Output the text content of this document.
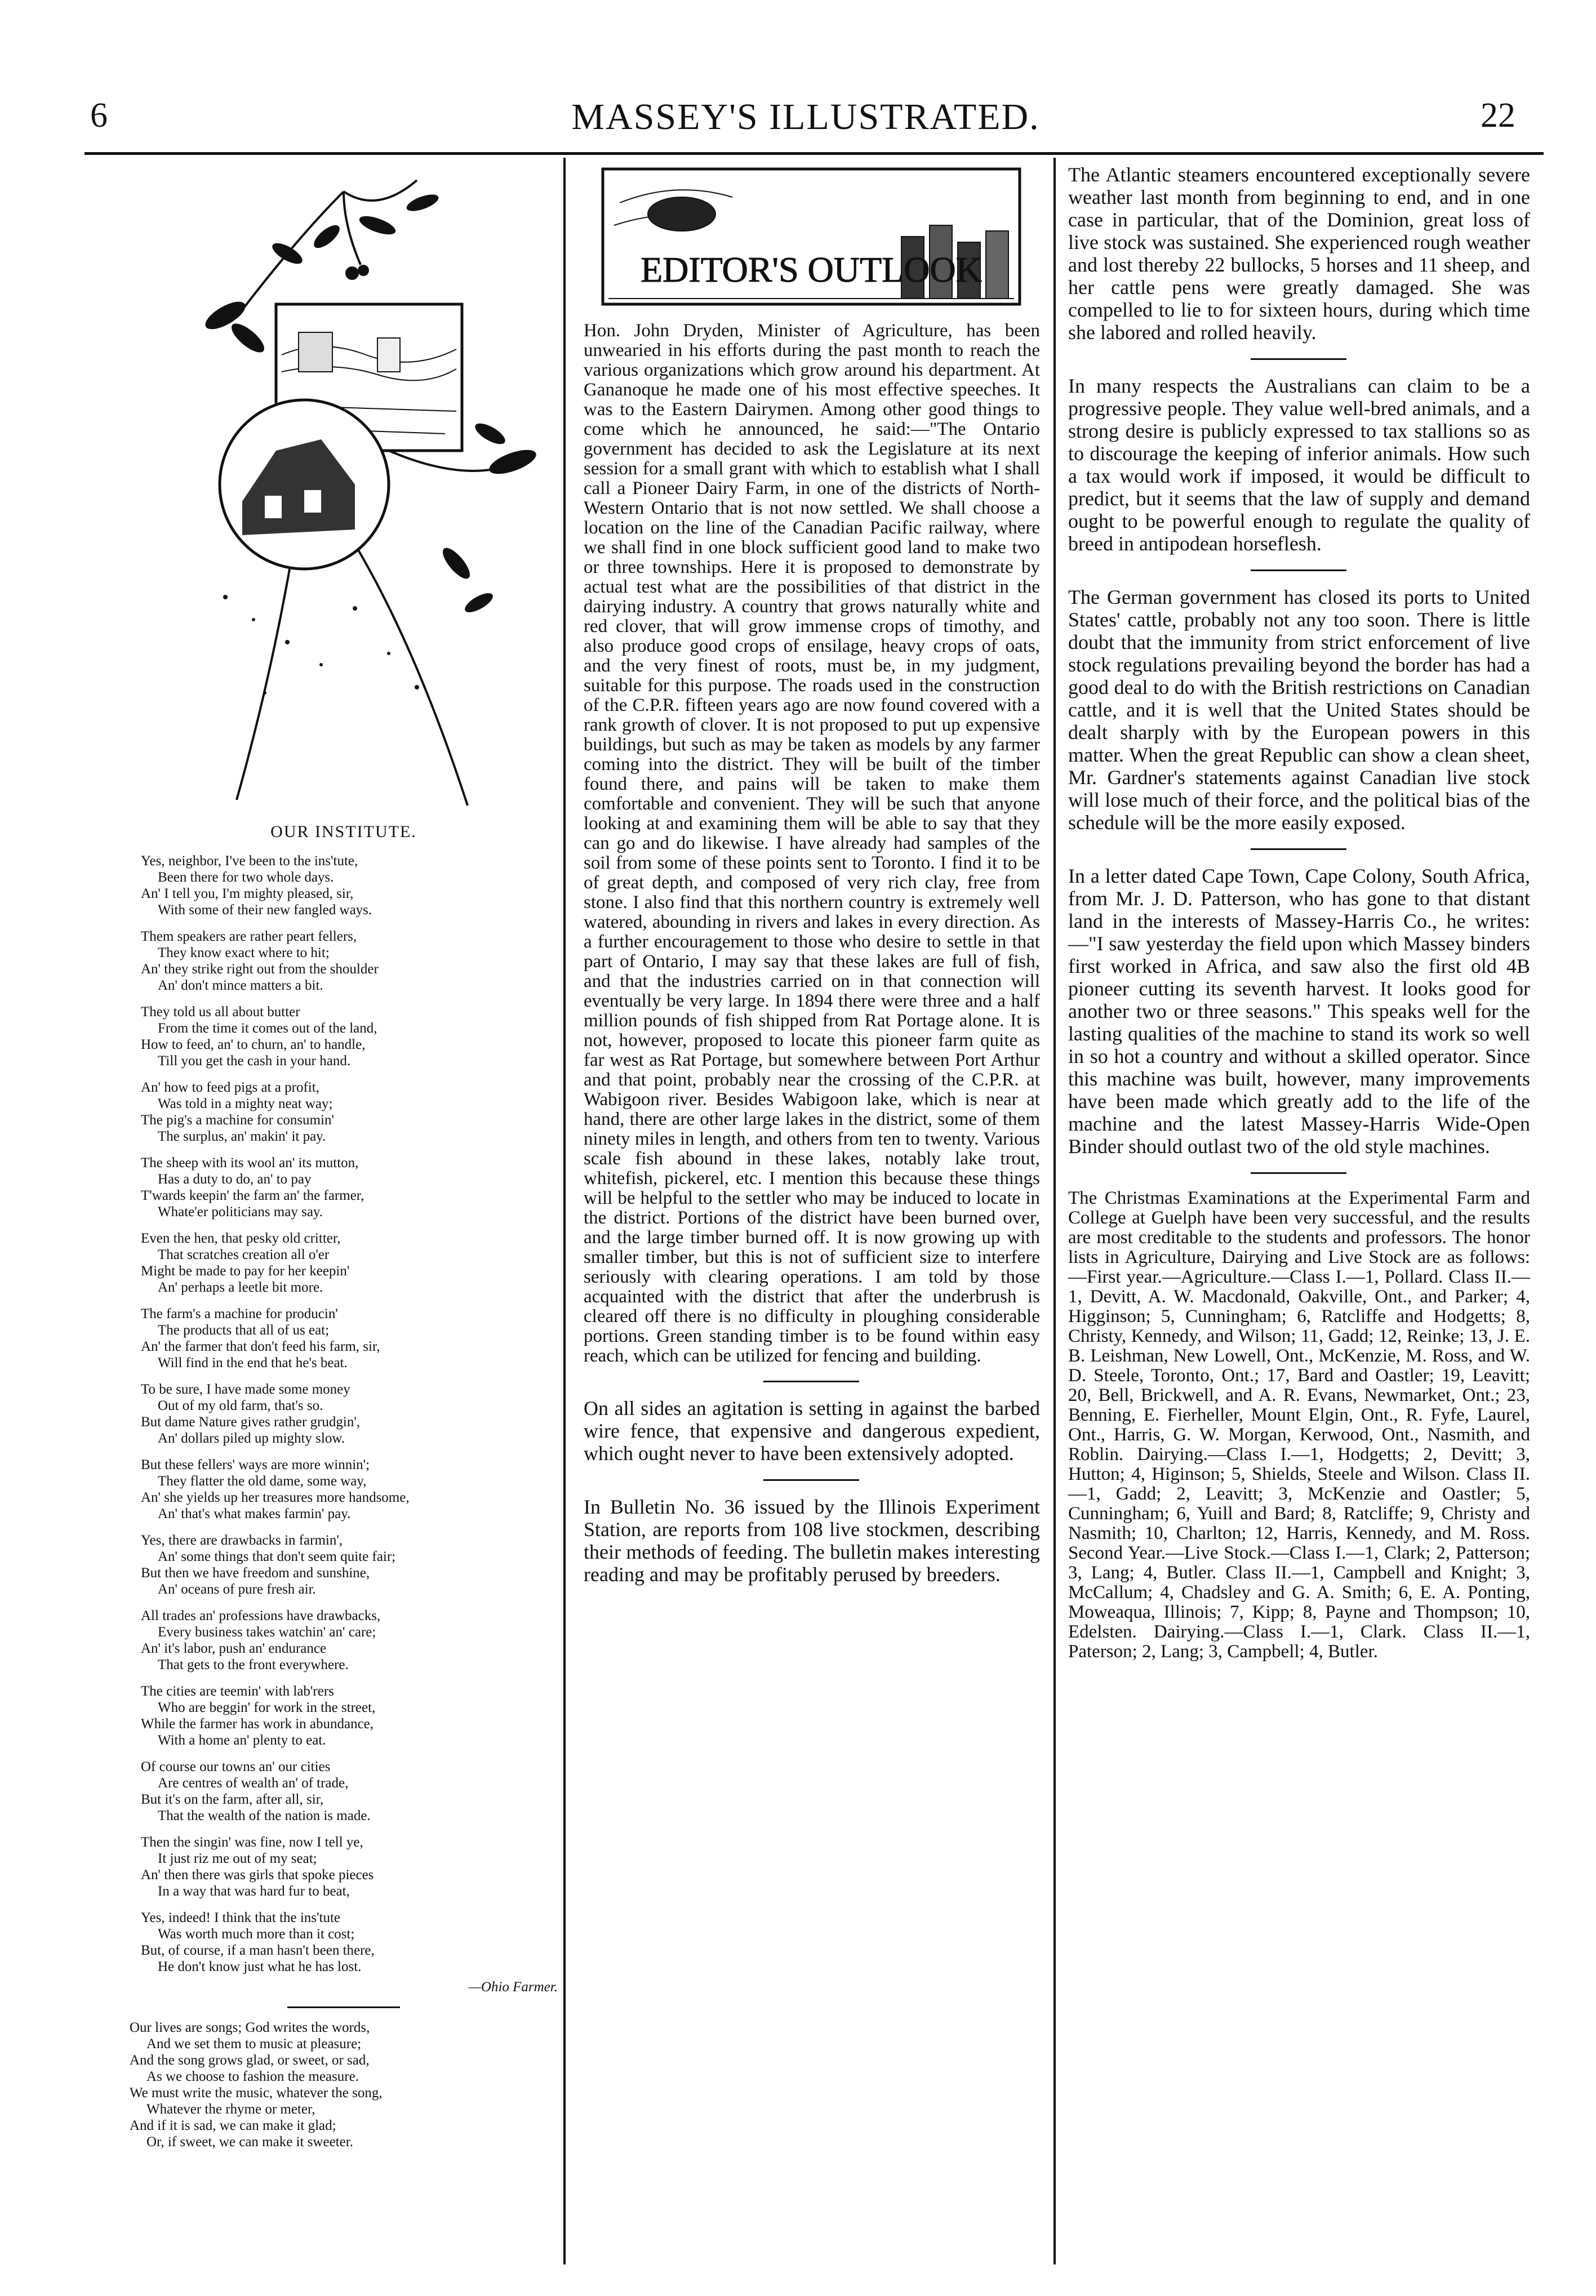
6	MASSEY'S ILLUSTRATED.	22
OUR INSTITUTE.
Yes, neighbor, I've been to the ins'tute,
Been there for two whole days.
An' I tell you, I'm mighty pleased, sir,
With some of their new fangled ways.
Them speakers are rather peart fellers,
They know exact where to hit;
An' they strike right out from the shoulder
An' don't mince matters a bit.
They told us all about butter
From the time it comes out of the land,
How to feed, an' to churn, an' to handle,
Till you get the cash in your hand.
An' how to feed pigs at a profit,
Was told in a mighty neat way;
The pig's a machine for consumin'
The surplus, an' makin' it pay.
The sheep with its wool an' its mutton,
Has a duty to do, an' to pay
T'wards keepin' the farm an' the farmer,
Whate'er politicians may say.
Even the hen, that pesky old critter,
That scratches creation all o'er
Might be made to pay for her keepin'
An' perhaps a leetle bit more.
The farm's a machine for producin'
The products that all of us eat;
An' the farmer that don't feed his farm, sir,
Will find in the end that he's beat.
To be sure, I have made some money
Out of my old farm, that's so.
But dame Nature gives rather grudgin',
An' dollars piled up mighty slow.
But these fellers' ways are more winnin';
They flatter the old dame, some way,
An' she yields up her treasures more handsome,
An' that's what makes farmin' pay.
Yes, there are drawbacks in farmin',
An' some things that don't seem quite fair;
But then we have freedom and sunshine,
An' oceans of pure fresh air.
All trades an' professions have drawbacks,
Every business takes watchin' an' care;
An' it's labor, push an' endurance
That gets to the front everywhere.
The cities are teemin' with lab'rers
Who are beggin' for work in the street,
While the farmer has work in abundance,
With a home an' plenty to eat.
Of course our towns an' our cities
Are centres of wealth an' of trade,
But it's on the farm, after all, sir,
That the wealth of the nation is made.
Then the singin' was fine, now I tell ye,
It just riz me out of my seat;
An' then there was girls that spoke pieces
In a way that was hard fur to beat,
Yes, indeed! I think that the ins'tute
Was worth much more than it cost;
But, of course, if a man hasn't been there,
He don't know just what he has lost.
—Ohio Farmer.
Our lives are songs; God writes the words,
And we set them to music at pleasure;
And the song grows glad, or sweet, or sad,
As we choose to fashion the measure.
We must write the music, whatever the song,
Whatever the rhyme or meter,
And if it is sad, we can make it glad;
Or, if sweet, we can make it sweeter.
EDITOR'S OUTLOOK

Hon. John Dryden, Minister of Agriculture, has been unwearied in his efforts during the past month to reach the various organizations which grow around his department. At Gananoque he made one of his most effective speeches. It was to the Eastern Dairymen. Among other good things to come which he announced, he said:—"The Ontario government has decided to ask the Legislature at its next session for a small grant with which to establish what I shall call a Pioneer Dairy Farm, in one of the districts of North-Western Ontario that is not now settled. We shall choose a location on the line of the Canadian Pacific railway, where we shall find in one block sufficient good land to make two or three townships. Here it is proposed to demonstrate by actual test what are the possibilities of that district in the dairying industry. A country that grows naturally white and red clover, that will grow immense crops of timothy, and also produce good crops of ensilage, heavy crops of oats, and the very finest of roots, must be, in my judgment, suitable for this purpose. The roads used in the construction of the C.P.R. fifteen years ago are now found covered with a rank growth of clover. It is not proposed to put up expensive buildings, but such as may be taken as models by any farmer coming into the district. They will be built of the timber found there, and pains will be taken to make them comfortable and convenient. They will be such that anyone looking at and examining them will be able to say that they can go and do likewise. I have already had samples of the soil from some of these points sent to Toronto. I find it to be of great depth, and composed of very rich clay, free from stone. I also find that this northern country is extremely well watered, abounding in rivers and lakes in every direction. As a further encouragement to those who desire to settle in that part of Ontario, I may say that these lakes are full of fish, and that the industries carried on in that connection will eventually be very large. In 1894 there were three and a half million pounds of fish shipped from Rat Portage alone. It is not, however, proposed to locate this pioneer farm quite as far west as Rat Portage, but somewhere between Port Arthur and that point, probably near the crossing of the C.P.R. at Wabigoon river. Besides Wabigoon lake, which is near at hand, there are other large lakes in the district, some of them ninety miles in length, and others from ten to twenty. Various scale fish abound in these lakes, notably lake trout, whitefish, pickerel, etc. I mention this because these things will be helpful to the settler who may be induced to locate in the district. Portions of the district have been burned over, and the large timber burned off. It is now growing up with smaller timber, but this is not of sufficient size to interfere seriously with clearing operations. I am told by those acquainted with the district that after the underbrush is cleared off there is no difficulty in ploughing considerable portions. Green standing timber is to be found within easy reach, which can be utilized for fencing and building.

On all sides an agitation is setting in against the barbed wire fence, that expensive and dangerous expedient, which ought never to have been extensively adopted.

In Bulletin No. 36 issued by the Illinois Experiment Station, are reports from 108 live stockmen, describing their methods of feeding. The bulletin makes interesting reading and may be profitably perused by breeders.

The Atlantic steamers encountered exceptionally severe weather last month from beginning to end, and in one case in particular, that of the Dominion, great loss of live stock was sustained. She experienced rough weather and lost thereby 22 bullocks, 5 horses and 11 sheep, and her cattle pens were greatly damaged. She was compelled to lie to for sixteen hours, during which time she labored and rolled heavily.

In many respects the Australians can claim to be a progressive people. They value well-bred animals, and a strong desire is publicly expressed to tax stallions so as to discourage the keeping of inferior animals. How such a tax would work if imposed, it would be difficult to predict, but it seems that the law of supply and demand ought to be powerful enough to regulate the quality of breed in antipodean horseflesh.

The German government has closed its ports to United States' cattle, probably not any too soon. There is little doubt that the immunity from strict enforcement of live stock regulations prevailing beyond the border has had a good deal to do with the British restrictions on Canadian cattle, and it is well that the United States should be dealt sharply with by the European powers in this matter. When the great Republic can show a clean sheet, Mr. Gardner's statements against Canadian live stock will lose much of their force, and the political bias of the schedule will be the more easily exposed.

In a letter dated Cape Town, Cape Colony, South Africa, from Mr. J. D. Patterson, who has gone to that distant land in the interests of Massey-Harris Co., he writes:—"I saw yesterday the field upon which Massey binders first worked in Africa, and saw also the first old 4B pioneer cutting its seventh harvest. It looks good for another two or three seasons." This speaks well for the lasting qualities of the machine to stand its work so well in so hot a country and without a skilled operator. Since this machine was built, however, many improvements have been made which greatly add to the life of the machine and the latest Massey-Harris Wide-Open Binder should outlast two of the old style machines.

The Christmas Examinations at the Experimental Farm and College at Guelph have been very successful, and the results are most creditable to the students and professors. The honor lists in Agriculture, Dairying and Live Stock are as follows:—First year.—Agriculture.—Class I.—1, Pollard. Class II.—1, Devitt, A. W. Macdonald, Oakville, Ont., and Parker; 4, Higginson; 5, Cunningham; 6, Ratcliffe and Hodgetts; 8, Christy, Kennedy, and Wilson; 11, Gadd; 12, Reinke; 13, J. E. B. Leishman, New Lowell, Ont., McKenzie, M. Ross, and W. D. Steele, Toronto, Ont.; 17, Bard and Oastler; 19, Leavitt; 20, Bell, Brickwell, and A. R. Evans, Newmarket, Ont.; 23, Benning, E. Fierheller, Mount Elgin, Ont., R. Fyfe, Laurel, Ont., Harris, G. W. Morgan, Kerwood, Ont., Nasmith, and Roblin. Dairying.—Class I.—1, Hodgetts; 2, Devitt; 3, Hutton; 4, Higinson; 5, Shields, Steele and Wilson. Class II.—1, Gadd; 2, Leavitt; 3, McKenzie and Oastler; 5, Cunningham; 6, Yuill and Bard; 8, Ratcliffe; 9, Christy and Nasmith; 10, Charlton; 12, Harris, Kennedy, and M. Ross. Second Year.—Live Stock.—Class I.—1, Clark; 2, Patterson; 3, Lang; 4, Butler. Class II.—1, Campbell and Knight; 3, McCallum; 4, Chadsley and G. A. Smith; 6, E. A. Ponting, Moweaqua, Illinois; 7, Kipp; 8, Payne and Thompson; 10, Edelsten. Dairying.—Class I.—1, Clark. Class II.—1, Paterson; 2, Lang; 3, Campbell; 4, Butler.
